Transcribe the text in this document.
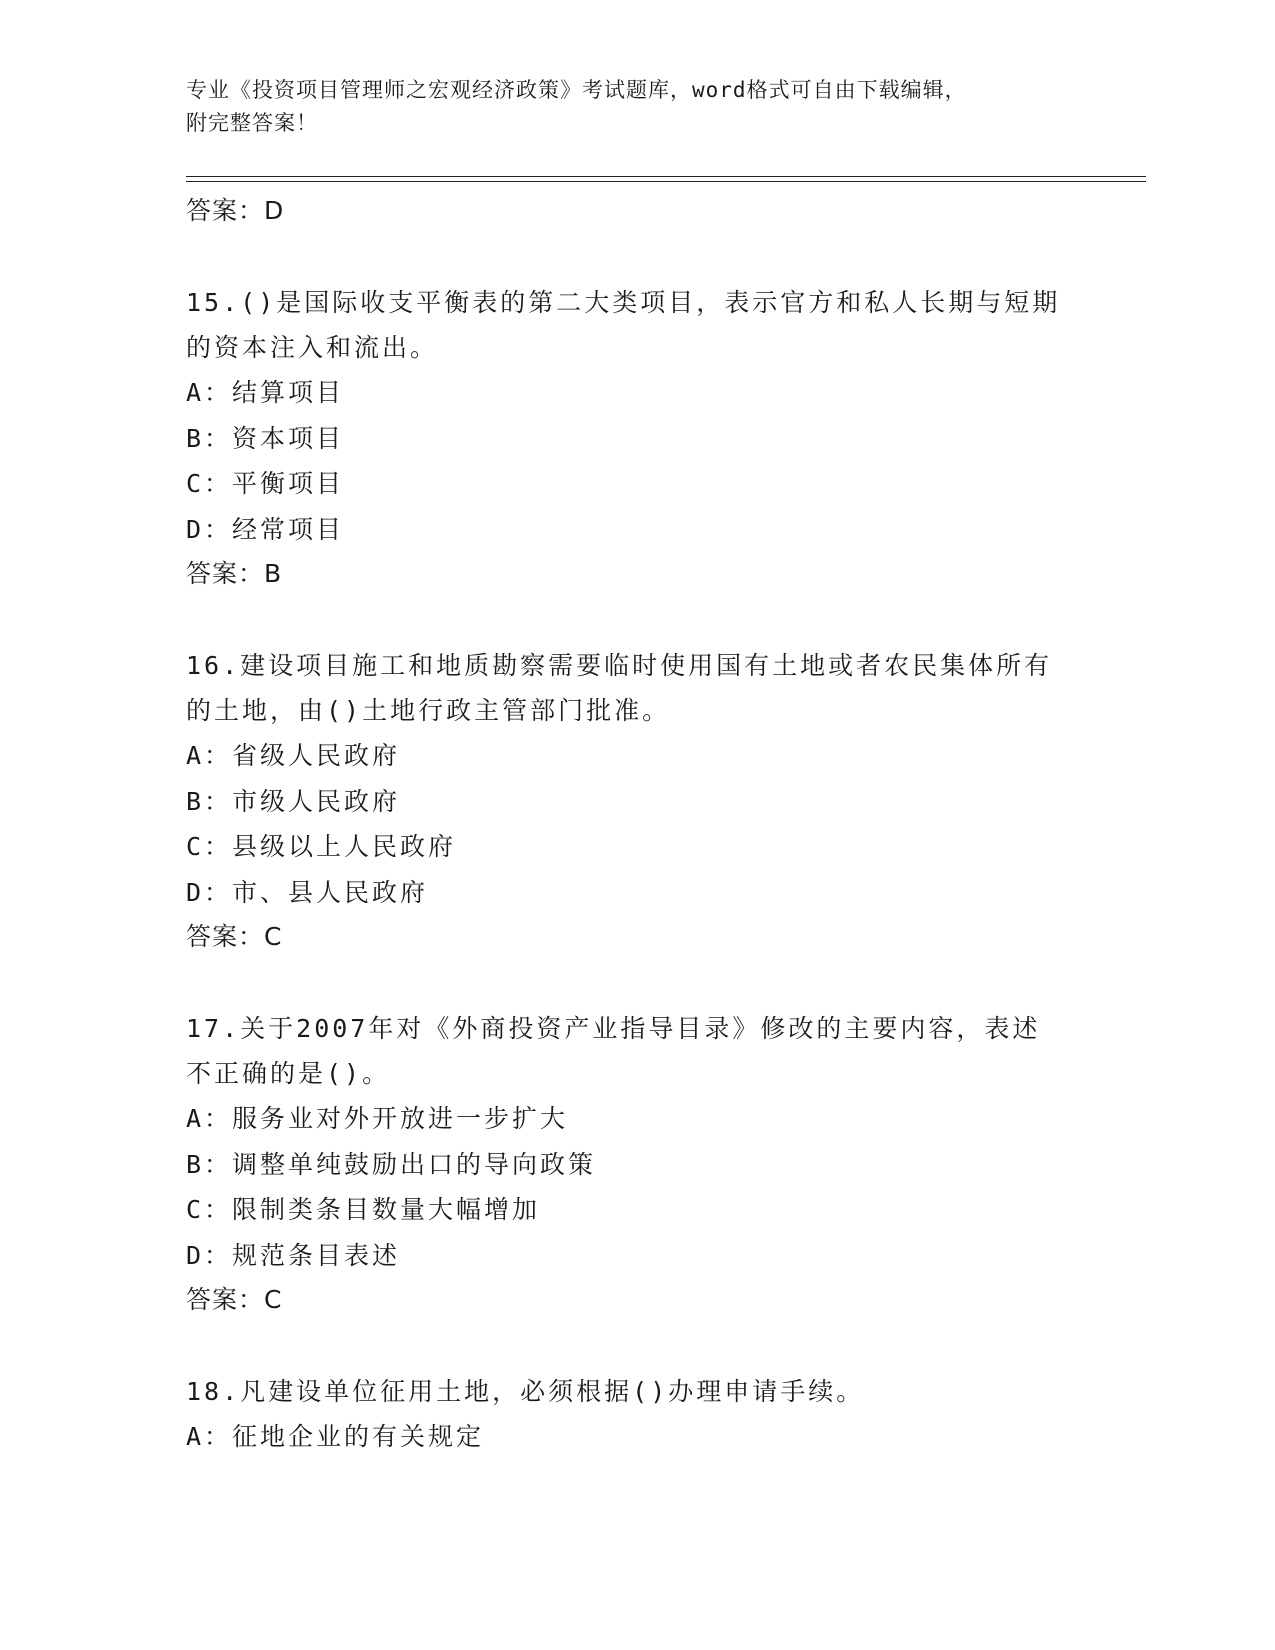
专业《投资项目管理师之宏观经济政策》考试题库，word格式可自由下载编辑，
附完整答案！
答案：D
15.()是国际收支平衡表的第二大类项目，表示官方和私人长期与短期
的资本注入和流出。
A：结算项目
B：资本项目
C：平衡项目
D：经常项目
答案：B
16.建设项目施工和地质勘察需要临时使用国有土地或者农民集体所有
的土地，由()土地行政主管部门批准。
A：省级人民政府
B：市级人民政府
C：县级以上人民政府
D：市、县人民政府
答案：C
17.关于2007年对《外商投资产业指导目录》修改的主要内容，表述
不正确的是()。
A：服务业对外开放进一步扩大
B：调整单纯鼓励出口的导向政策
C：限制类条目数量大幅增加
D：规范条目表述
答案：C
18.凡建设单位征用土地，必须根据()办理申请手续。
A：征地企业的有关规定
